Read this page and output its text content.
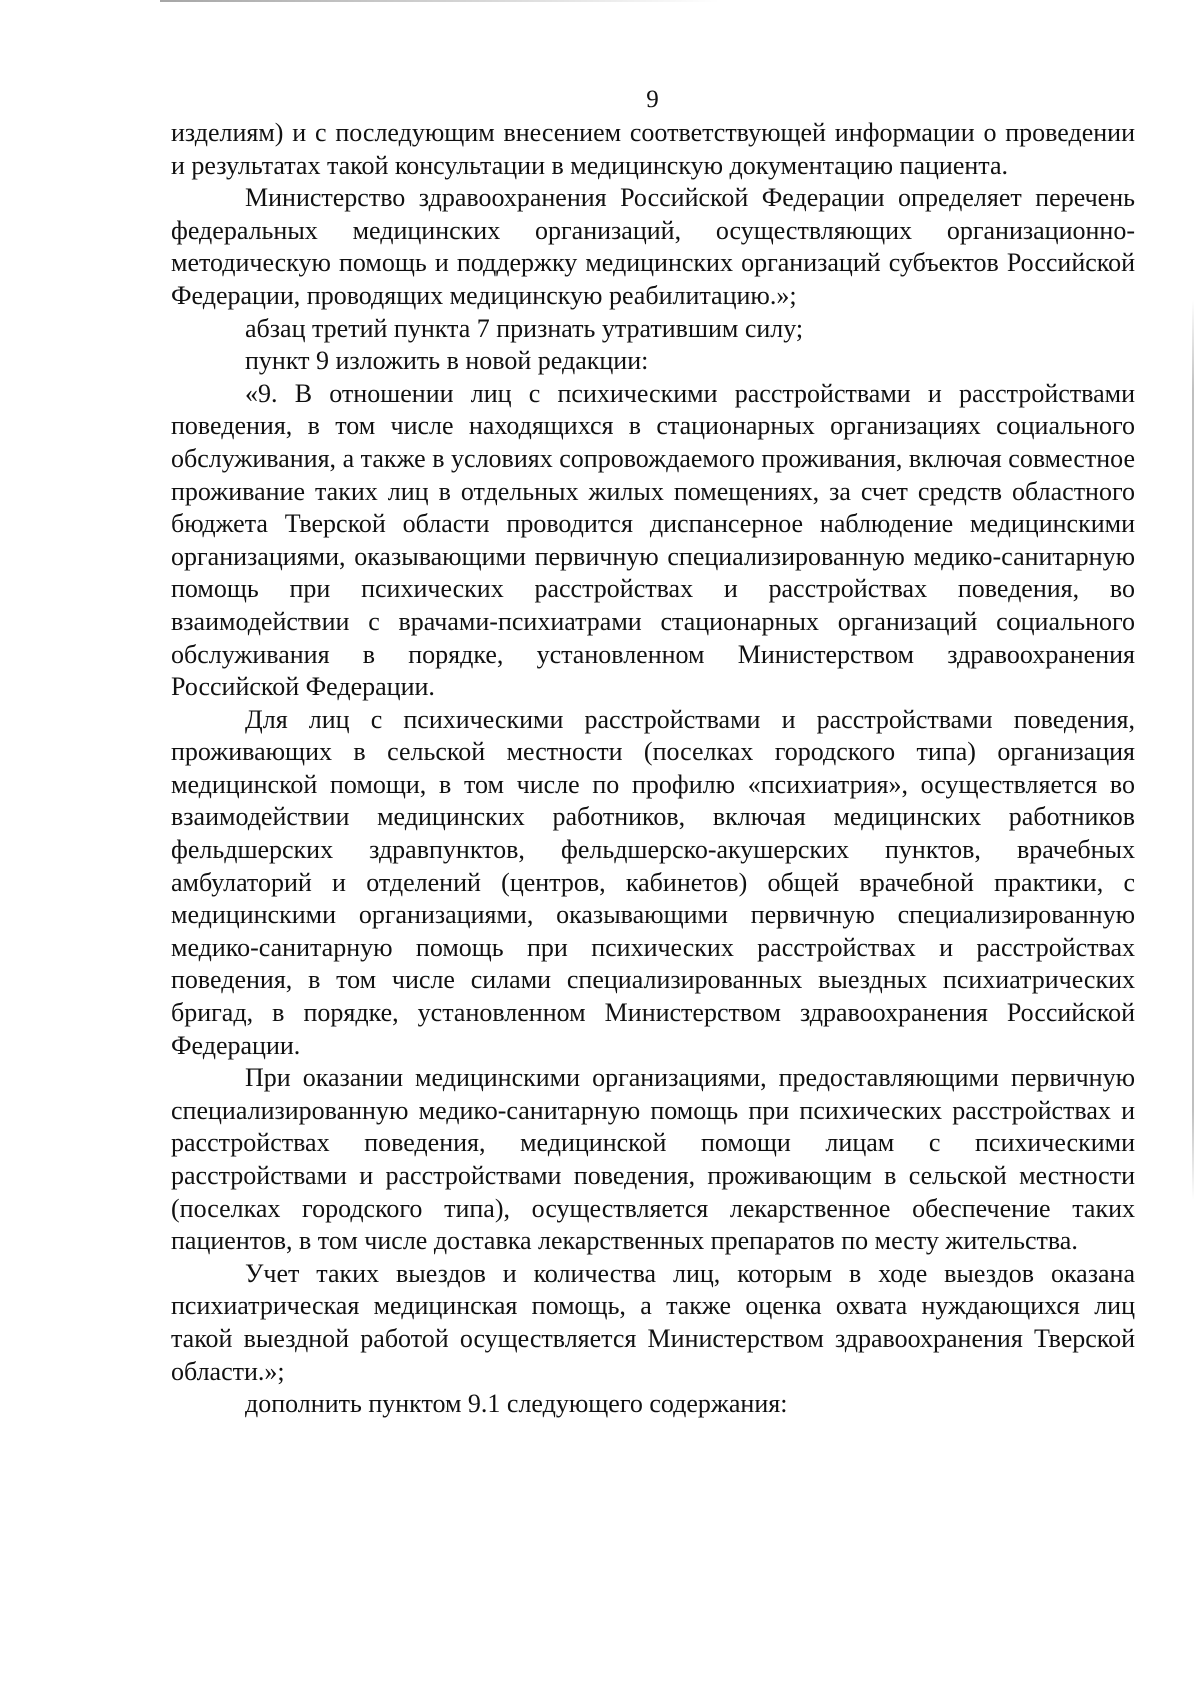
9

изделиям) и с последующим внесением соответствующей информации о проведении и результатах такой консультации в медицинскую документацию пациента.

Министерство здравоохранения Российской Федерации определяет перечень федеральных медицинских организаций, осуществляющих организационно-методическую помощь и поддержку медицинских организаций субъектов Российской Федерации, проводящих медицинскую реабилитацию.»;

абзац третий пункта 7 признать утратившим силу;

пункт 9 изложить в новой редакции:

«9. В отношении лиц с психическими расстройствами и расстройствами поведения, в том числе находящихся в стационарных организациях социального обслуживания, а также в условиях сопровождаемого проживания, включая совместное проживание таких лиц в отдельных жилых помещениях, за счет средств областного бюджета Тверской области проводится диспансерное наблюдение медицинскими организациями, оказывающими первичную специализированную медико-санитарную помощь при психических расстройствах и расстройствах поведения, во взаимодействии с врачами-психиатрами стационарных организаций социального обслуживания в порядке, установленном Министерством здравоохранения Российской Федерации.

Для лиц с психическими расстройствами и расстройствами поведения, проживающих в сельской местности (поселках городского типа) организация медицинской помощи, в том числе по профилю «психиатрия», осуществляется во взаимодействии медицинских работников, включая медицинских работников фельдшерских здравпунктов, фельдшерско-акушерских пунктов, врачебных амбулаторий и отделений (центров, кабинетов) общей врачебной практики, с медицинскими организациями, оказывающими первичную специализированную медико-санитарную помощь при психических расстройствах и расстройствах поведения, в том числе силами специализированных выездных психиатрических бригад, в порядке, установленном Министерством здравоохранения Российской Федерации.

При оказании медицинскими организациями, предоставляющими первичную специализированную медико-санитарную помощь при психических расстройствах и расстройствах поведения, медицинской помощи лицам с психическими расстройствами и расстройствами поведения, проживающим в сельской местности (поселках городского типа), осуществляется лекарственное обеспечение таких пациентов, в том числе доставка лекарственных препаратов по месту жительства.

Учет таких выездов и количества лиц, которым в ходе выездов оказана психиатрическая медицинская помощь, а также оценка охвата нуждающихся лиц такой выездной работой осуществляется Министерством здравоохранения Тверской области.»;

дополнить пунктом 9.1 следующего содержания:
